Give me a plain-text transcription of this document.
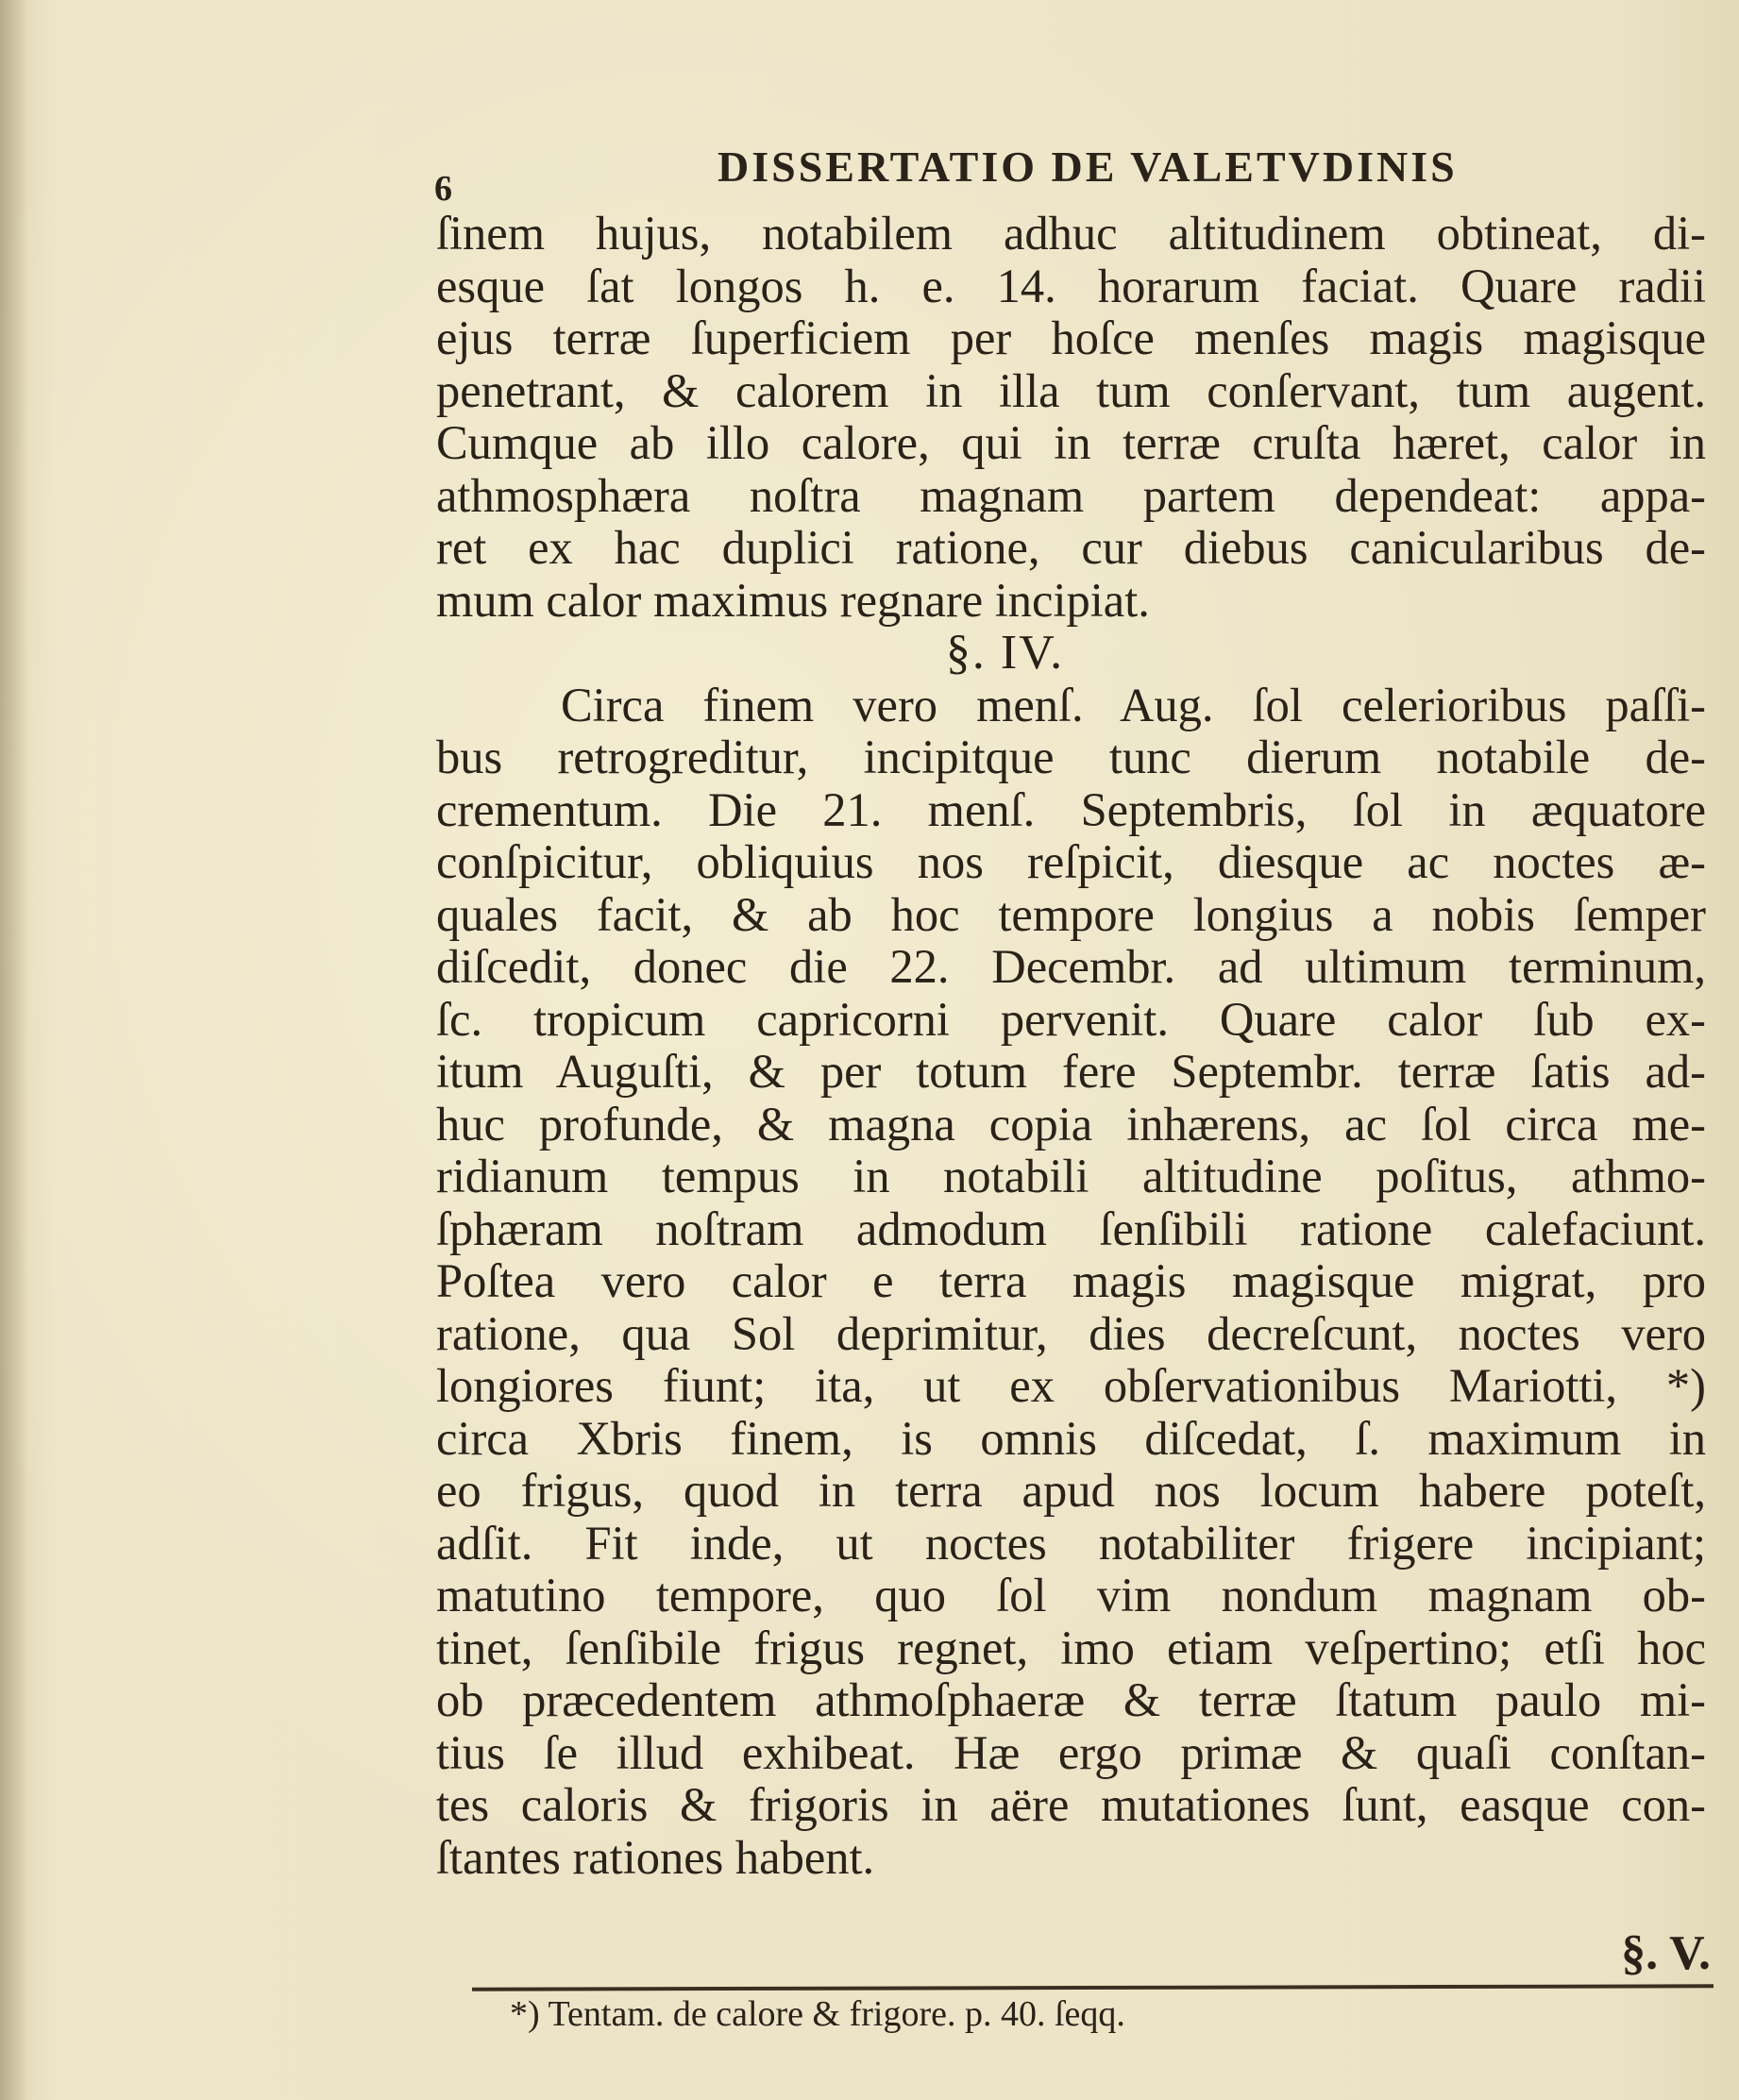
6	DISSERTATIO DE VALETVDINIS
ſinem hujus, notabilem adhuc altitudinem obtineat, di-
esque ſat longos h. e. 14. horarum faciat. Quare radii
ejus terræ ſuperficiem per hoſce menſes magis magisque
penetrant, & calorem in illa tum conſervant, tum augent.
Cumque ab illo calore, qui in terræ cruſta hæret, calor in
athmosphæra noſtra magnam partem dependeat: appa-
ret ex hac duplici ratione, cur diebus canicularibus de-
mum calor maximus regnare incipiat.
§. IV.
Circa finem vero menſ. Aug. ſol celerioribus paſſi-
bus retrogreditur, incipitque tunc dierum notabile de-
crementum. Die 21. menſ. Septembris, ſol in æquatore
conſpicitur, obliquius nos reſpicit, diesque ac noctes æ-
quales facit, & ab hoc tempore longius a nobis ſemper
diſcedit, donec die 22. Decembr. ad ultimum terminum,
ſc. tropicum capricorni pervenit. Quare calor ſub ex-
itum Auguſti, & per totum fere Septembr. terræ ſatis ad-
huc profunde, & magna copia inhærens, ac ſol circa me-
ridianum tempus in notabili altitudine poſitus, athmo-
ſphæram noſtram admodum ſenſibili ratione calefaciunt.
Poſtea vero calor e terra magis magisque migrat, pro
ratione, qua Sol deprimitur, dies decreſcunt, noctes vero
longiores fiunt; ita, ut ex obſervationibus Mariotti, *)
circa Xbris finem, is omnis diſcedat, ſ. maximum in
eo frigus, quod in terra apud nos locum habere poteſt,
adſit. Fit inde, ut noctes notabiliter frigere incipiant;
matutino tempore, quo ſol vim nondum magnam ob-
tinet, ſenſibile frigus regnet, imo etiam veſpertino; etſi hoc
ob præcedentem athmoſphaeræ & terræ ſtatum paulo mi-
tius ſe illud exhibeat. Hæ ergo primæ & quaſi conſtan-
tes caloris & frigoris in aëre mutationes ſunt, easque con-
ſtantes rationes habent.
§. V.
*) Tentam. de calore & frigore. p. 40. ſeqq.
